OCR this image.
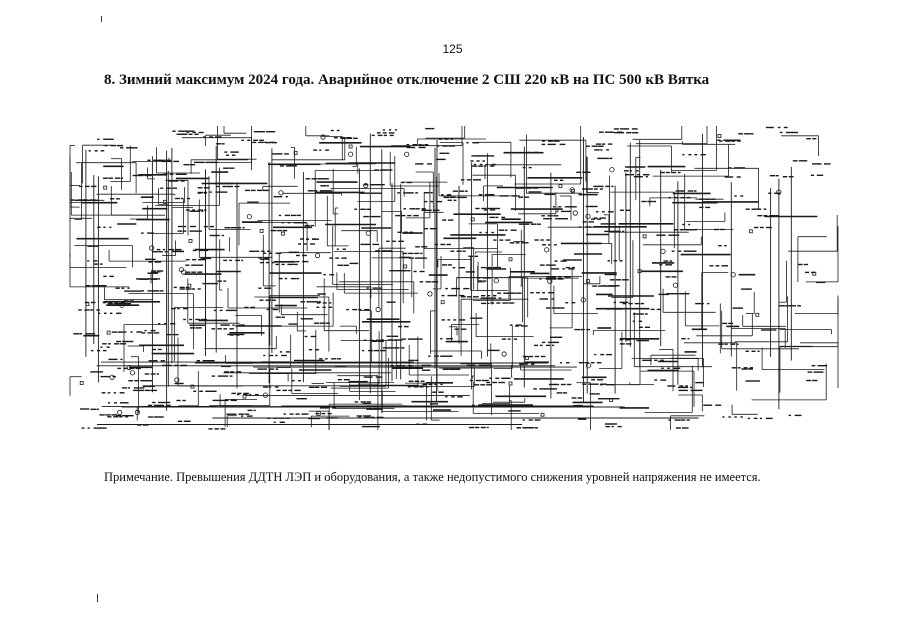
125
8. Зимний максимум 2024 года. Аварийное отключение 2 СШ 220 кВ на ПС 500 кВ Вятка
Примечание. Превышения ДДТН ЛЭП и оборудования, а также недопустимого снижения уровней напряжения не имеется.
